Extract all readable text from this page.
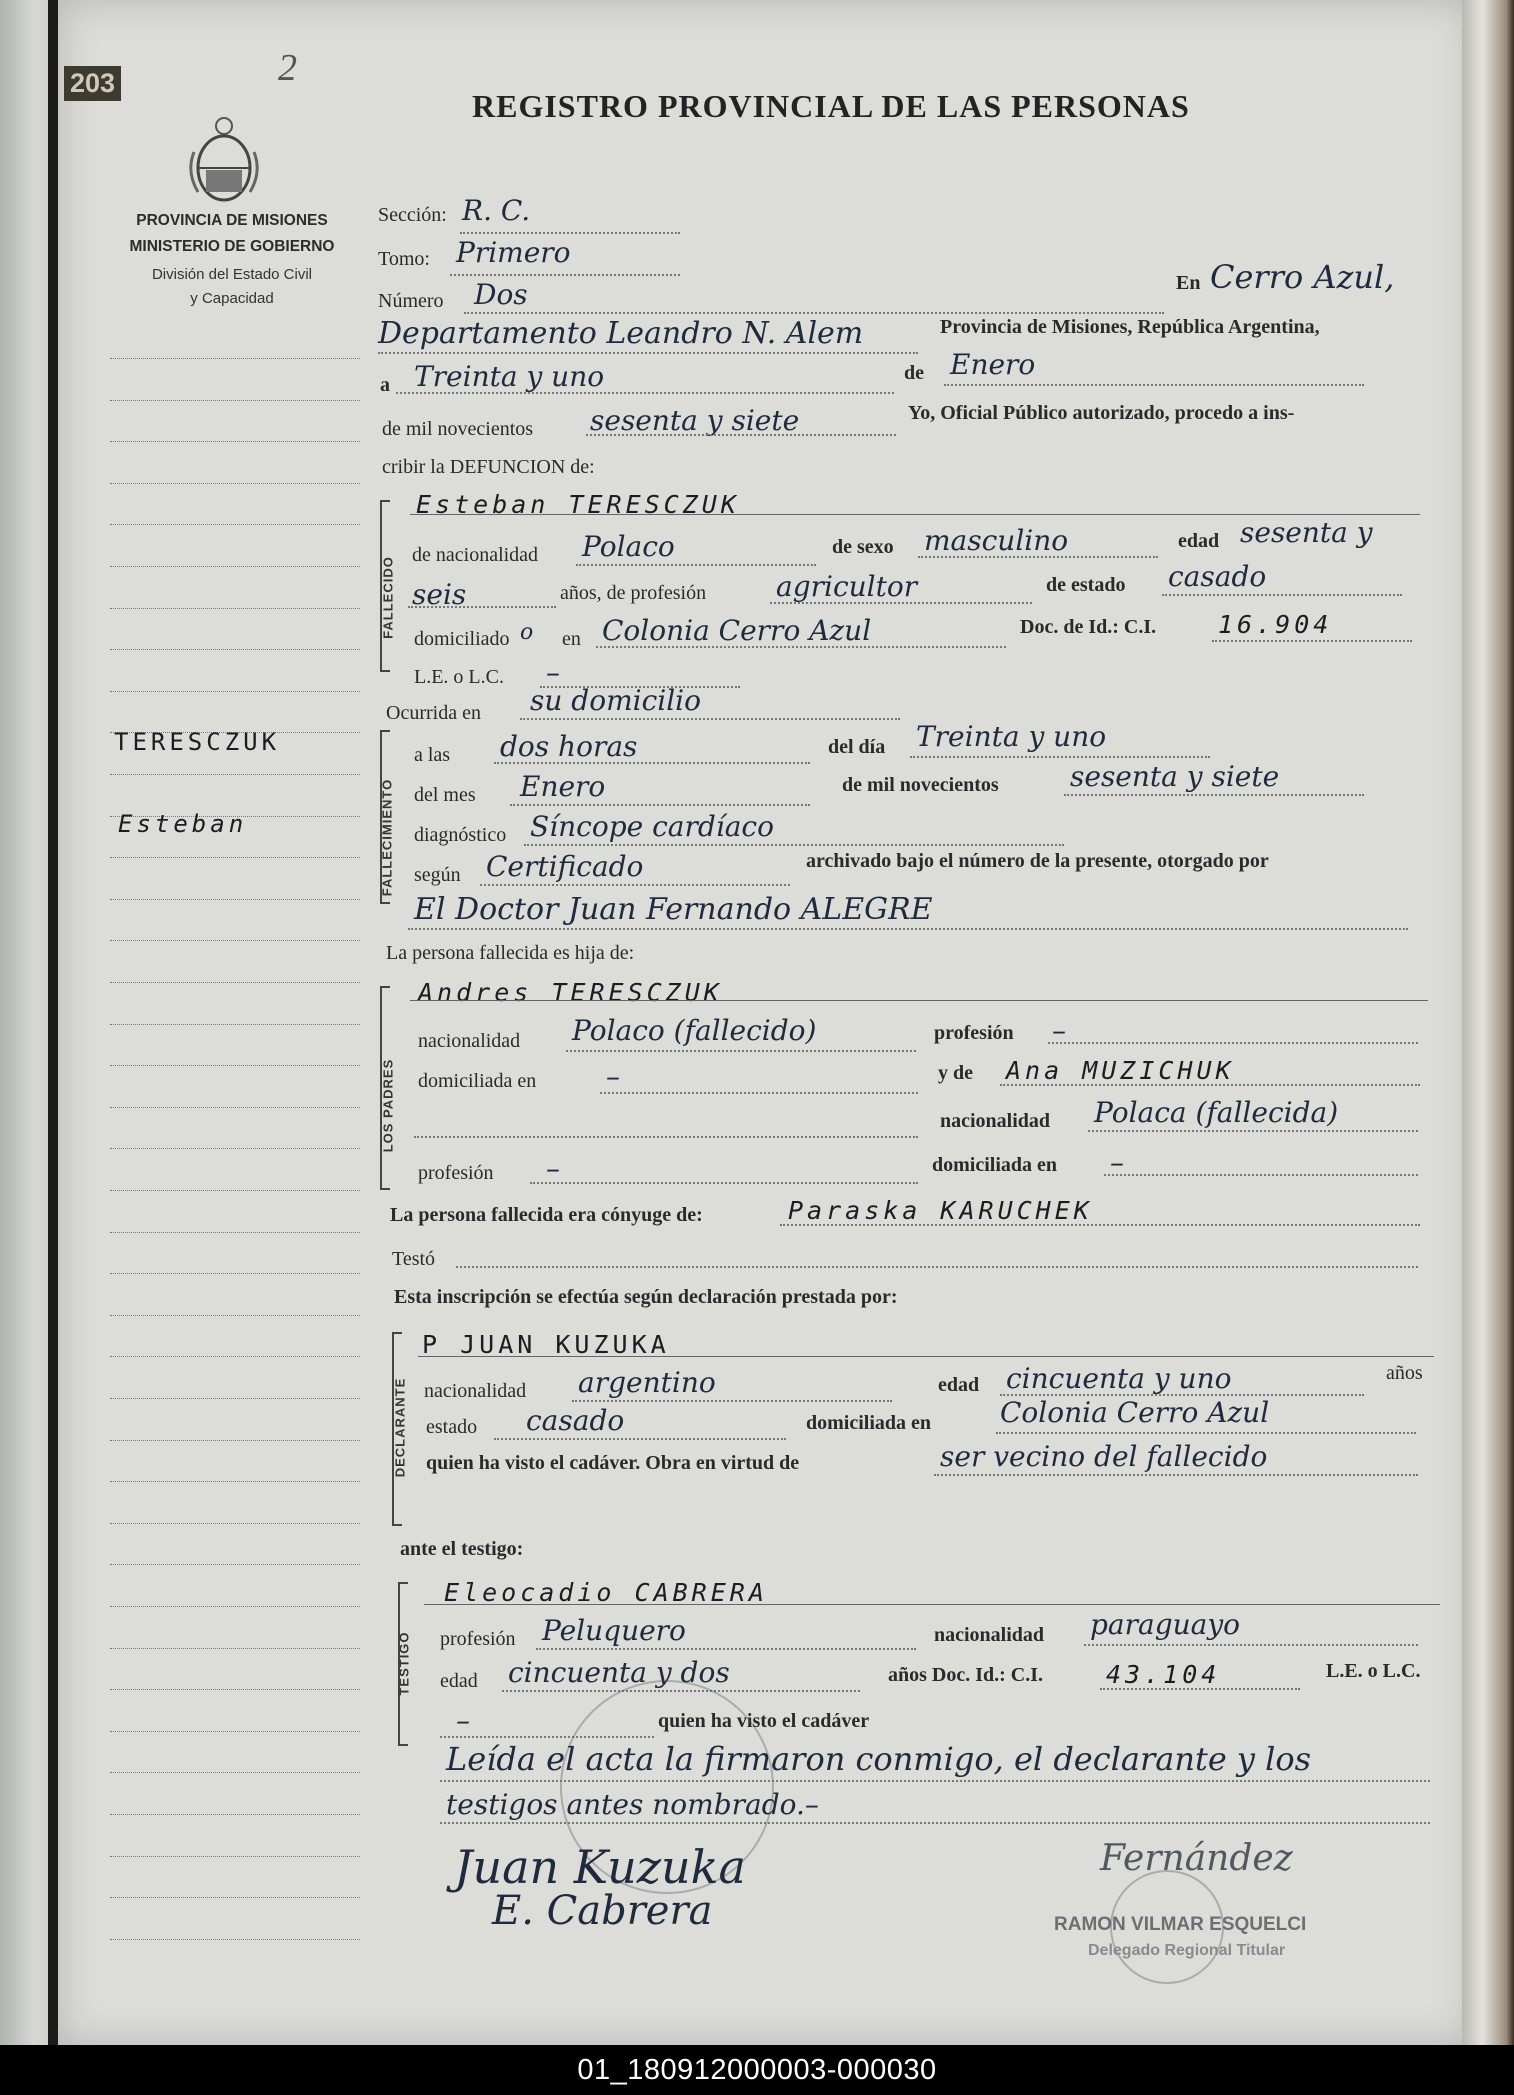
203	2
REGISTRO PROVINCIAL DE LAS PERSONAS
PROVINCIA DE MISIONES
MINISTERIO DE GOBIERNO
División del Estado Civil
y Capacidad
TERESCZUK
Esteban
Sección: R. C.
Tomo: Primero
Número Dos	En Cerro Azul,
Departamento Leandro N. Alem	Provincia de Misiones, República Argentina,
a Treinta y uno	de Enero
de mil novecientos sesenta y siete	Yo, Oficial Público autorizado, procedo a ins-
cribir la DEFUNCION de:
FALLECIDO
Esteban TERESCZUK
de nacionalidad Polaco	de sexo masculino	edad sesenta y
seis	años, de profesión agricultor	de estado casado
domiciliado o en Colonia Cerro Azul	Doc. de Id.: C.I. 16.904
L.E. o L.C. –
Ocurrida en su domicilio
FALLECIMIENTO
a las dos horas	del día Treinta y uno
del mes Enero	de mil novecientos	sesenta y siete
diagnóstico Síncope cardíaco
según Certificado	archivado bajo el número de la presente, otorgado por
El Doctor Juan Fernando ALEGRE
La persona fallecida es hija de:
LOS PADRES
Andres TERESCZUK
nacionalidad Polaco (fallecido)	profesión –
domiciliada en –	y de Ana MUZICHUK
nacionalidad Polaca (fallecida)
profesión –	domiciliada en –
La persona fallecida era cónyuge de:	Paraska KARUCHEK
Testó
Esta inscripción se efectúa según declaración prestada por:
DECLARANTE
P JUAN KUZUKA
nacionalidad argentino	edad cincuenta y uno	años
estado casado	domiciliada en Colonia Cerro Azul
quien ha visto el cadáver. Obra en virtud de	ser vecino del fallecido
ante el testigo:
TESTIGO
Eleocadio CABRERA
profesión Peluquero	nacionalidad paraguayo
edad cincuenta y dos	años Doc. Id.: C.I.	43.104	L.E. o L.C.
–	quien ha visto el cadáver
Leída el acta la firmaron conmigo, el declarante y los
testigos antes nombrado.–
Juan Kuzuka
E. Cabrera
Fernández
RAMON VILMAR ESQUELCI
Delegado Regional Titular
01_180912000003-000030
